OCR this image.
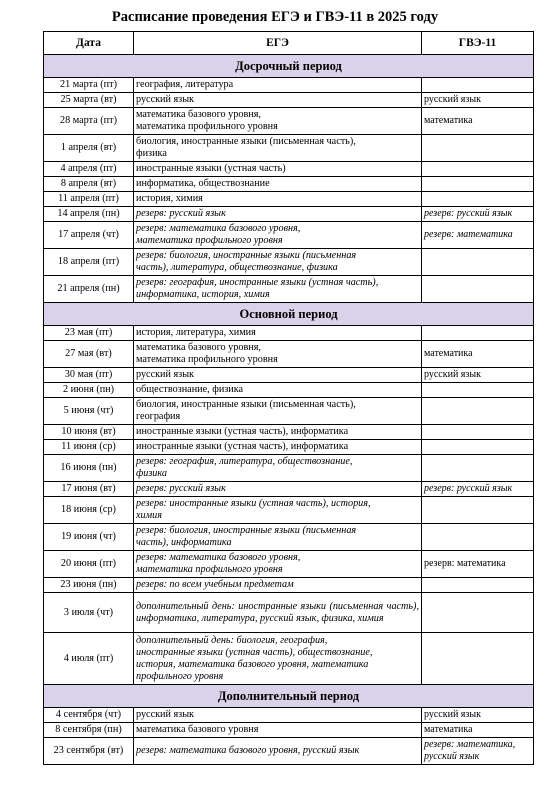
Расписание проведения ЕГЭ и ГВЭ-11 в 2025 году
Дата	ЕГЭ	ГВЭ-11
Досрочный период		
21 марта (пт)	география, литература	
25 марта (вт)	русский язык	русский язык
28 марта (пт)	математика базового уровня,
математика профильного уровня	математика
1 апреля (вт)	биология, иностранные языки (письменная часть),
физика	
4 апреля (пт)	иностранные языки (устная часть)	
8 апреля (вт)	информатика, обществознание	
11 апреля (пт)	история, химия	
14 апреля (пн)	резерв: русский язык	резерв: русский язык
17 апреля (чт)	резерв: математика базового уровня,
математика профильного уровня	резерв: математика
18 апреля (пт)	резерв: биология, иностранные языки (письменная
часть), литература, обществознание, физика	
21 апреля (пн)	резерв: география, иностранные языки (устная часть),
информатика, история, химия	
Основной период		
23 мая (пт)	история, литература, химия	
27 мая (вт)	математика базового уровня,
математика профильного уровня	математика
30 мая (пт)	русский язык	русский язык
2 июня (пн)	обществознание, физика	
5 июня (чт)	биология, иностранные языки (письменная часть),
география	
10 июня (вт)	иностранные языки (устная часть), информатика	
11 июня (ср)	иностранные языки (устная часть), информатика	
16 июня (пн)	резерв: география, литература, обществознание,
физика	
17 июня (вт)	резерв: русский язык	резерв: русский язык
18 июня (ср)	резерв: иностранные языки (устная часть), история,
химия	
19 июня (чт)	резерв: биология, иностранные языки (письменная
часть), информатика	
20 июня (пт)	резерв: математика базового уровня,
математика профильного уровня	резерв: математика
23 июня (пн)	резерв: по всем учебным предметам	
3 июля (чт)	дополнительный день: иностранные языки (письменная часть), информатика, литература, русский язык, физика, химия	
4 июля (пт)	дополнительный день: биология, география,
иностранные языки (устная часть), обществознание,
история, математика базового уровня, математика
профильного уровня	
Дополнительный период		
4 сентября (чт)	русский язык	русский язык
8 сентября (пн)	математика базового уровня	математика
23 сентября (вт)	резерв: математика базового уровня, русский язык	резерв: математика,
русский язык
